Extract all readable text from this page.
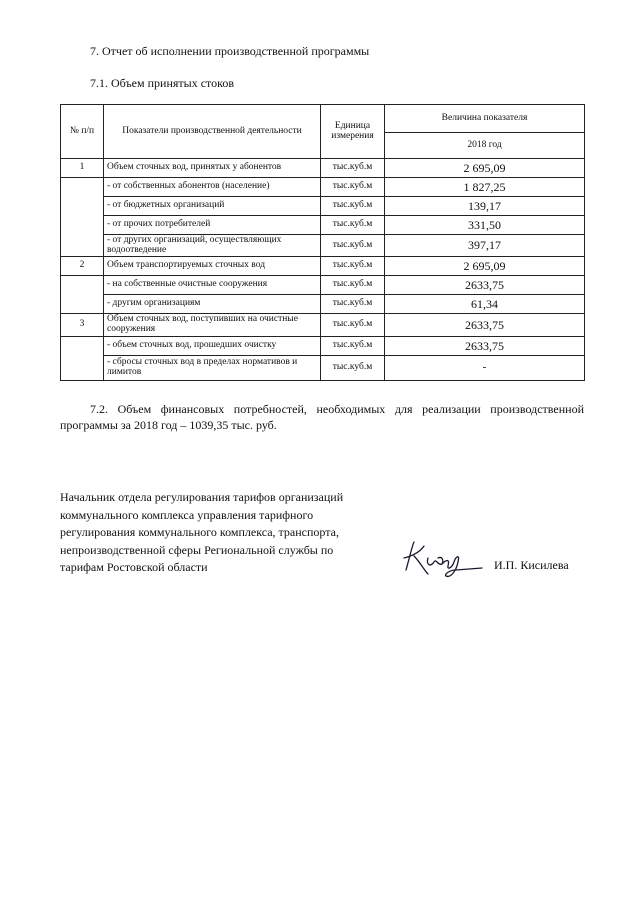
7. Отчет об исполнении производственной программы
7.1. Объем принятых стоков
№ п/п	Показатели производственной деятельности	Единица измерения	Величина показателя
			2018 год
1	Объем сточных вод, принятых у абонентов	тыс.куб.м	2 695,09
	- от собственных абонентов (население)	тыс.куб.м	1 827,25
	- от бюджетных организаций	тыс.куб.м	139,17
	- от прочих потребителей	тыс.куб.м	331,50
	- от других организаций, осуществляющих водоотведение	тыс.куб.м	397,17
2	Объем транспортируемых сточных вод	тыс.куб.м	2 695,09
	- на собственные очистные сооружения	тыс.куб.м	2633,75
	- другим организациям	тыс.куб.м	61,34
3	Объем сточных вод, поступивших на очистные сооружения	тыс.куб.м	2633,75
	- объем сточных вод, прошедших очистку	тыс.куб.м	2633,75
	- сбросы сточных вод в пределах нормативов и лимитов	тыс.куб.м	-
7.2. Объем финансовых потребностей, необходимых для реализации производственной программы за 2018 год – 1039,35 тыс. руб.
Начальник отдела регулирования тарифов организаций
коммунального комплекса управления тарифного
регулирования коммунального комплекса, транспорта,
непроизводственной сферы Региональной службы по
тарифам Ростовской области	И.П. Кисилева
